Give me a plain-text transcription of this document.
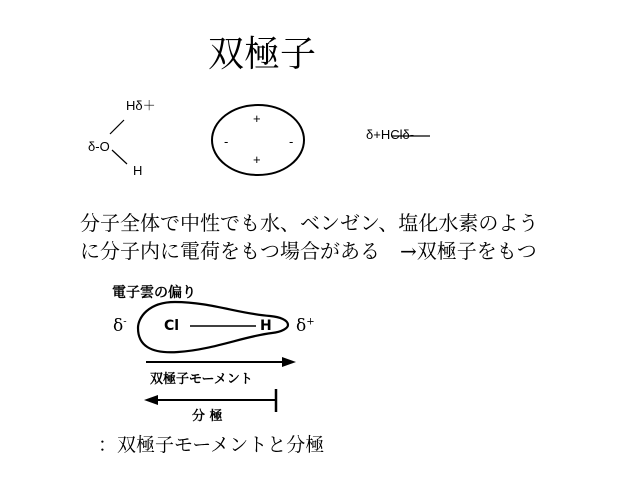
双極子
Hδ＋
δ-O
H
+
+
-	-	δ+HClδ-
分子全体で中性でも水、ベンゼン、塩化水素のよう
に分子内に電荷をもつ場合がある　→双極子をもつ
電子雲の偏り
δ-	Cl	H δ+
双極子モーメント
分 極
：双極子モーメントと分極
